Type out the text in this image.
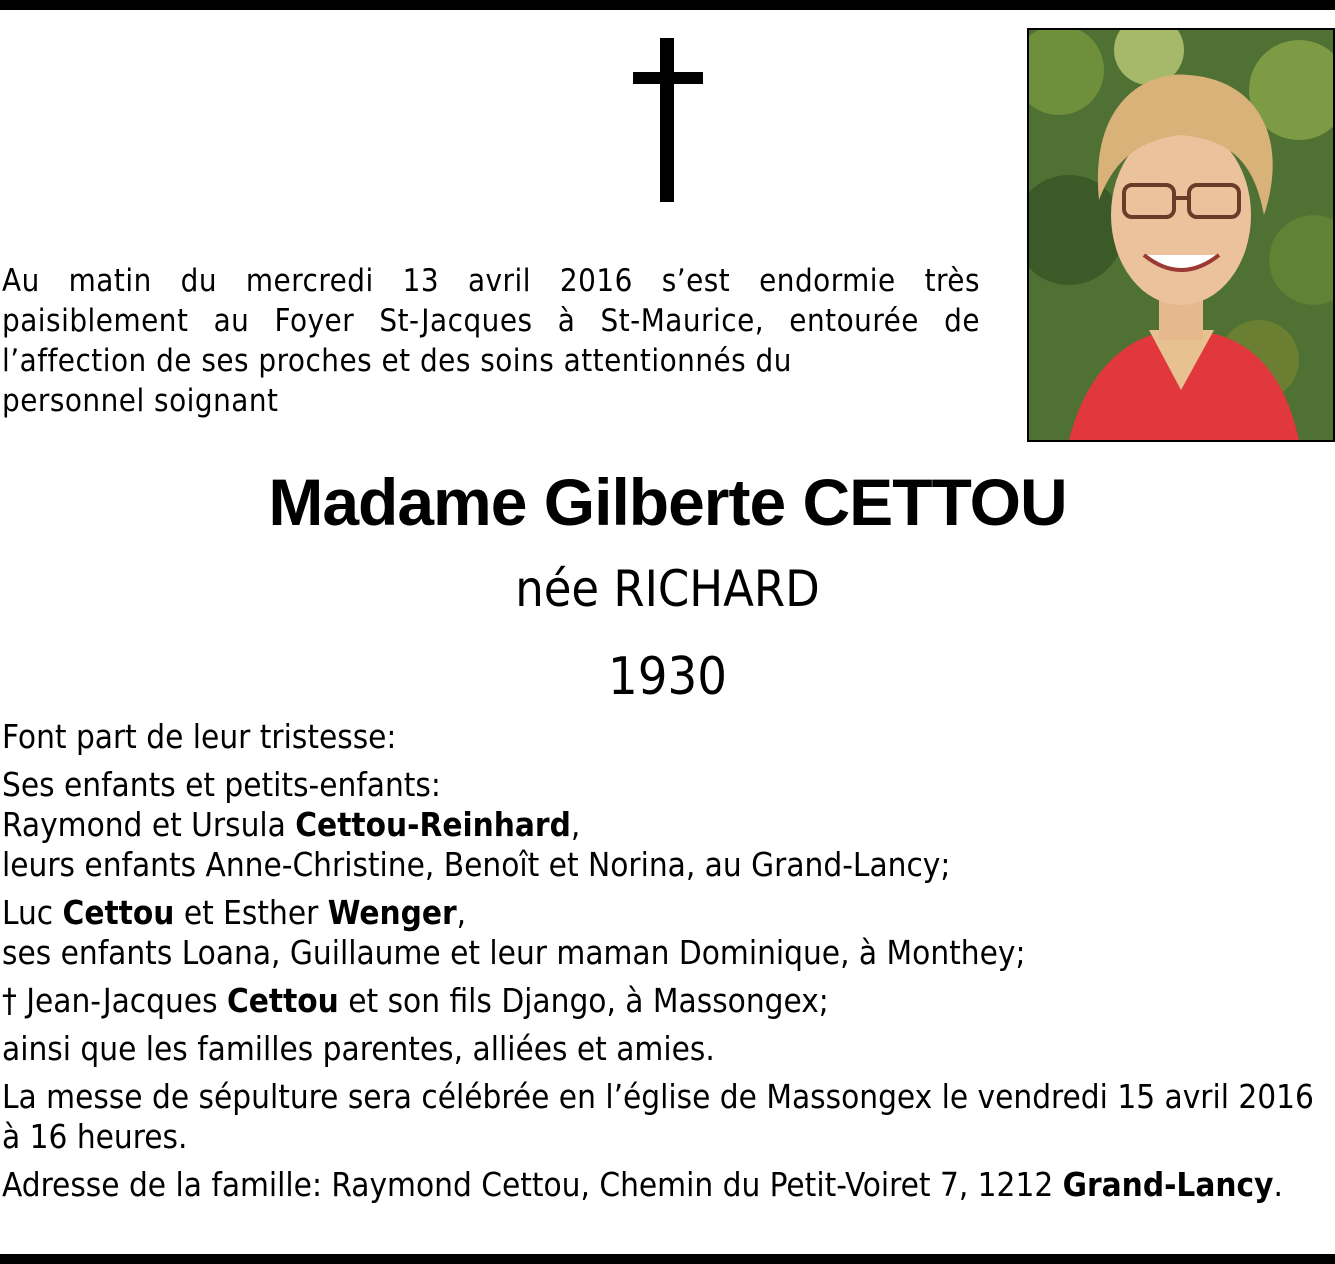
Au matin du mercredi 13 avril 2016 s’est endormie très paisiblement au Foyer St-Jacques à St-Maurice, entourée de l’affection de ses proches et des soins attentionnés du
personnel soignant
Madame Gilberte CETTOU
née RICHARD
1930

Font part de leur tristesse:

Ses enfants et petits-enfants:

Raymond et Ursula Cettou-Reinhard,

leurs enfants Anne-Christine, Benoît et Norina, au Grand-Lancy;

Luc Cettou et Esther Wenger,

ses enfants Loana, Guillaume et leur maman Dominique, à Monthey;

† Jean-Jacques Cettou et son fils Django, à Massongex;

ainsi que les familles parentes, alliées et amies.

La messe de sépulture sera célébrée en l’église de Massongex le vendredi 15 avril 2016

à 16 heures.

Adresse de la famille: Raymond Cettou, Chemin du Petit-Voiret 7, 1212 Grand-Lancy.
